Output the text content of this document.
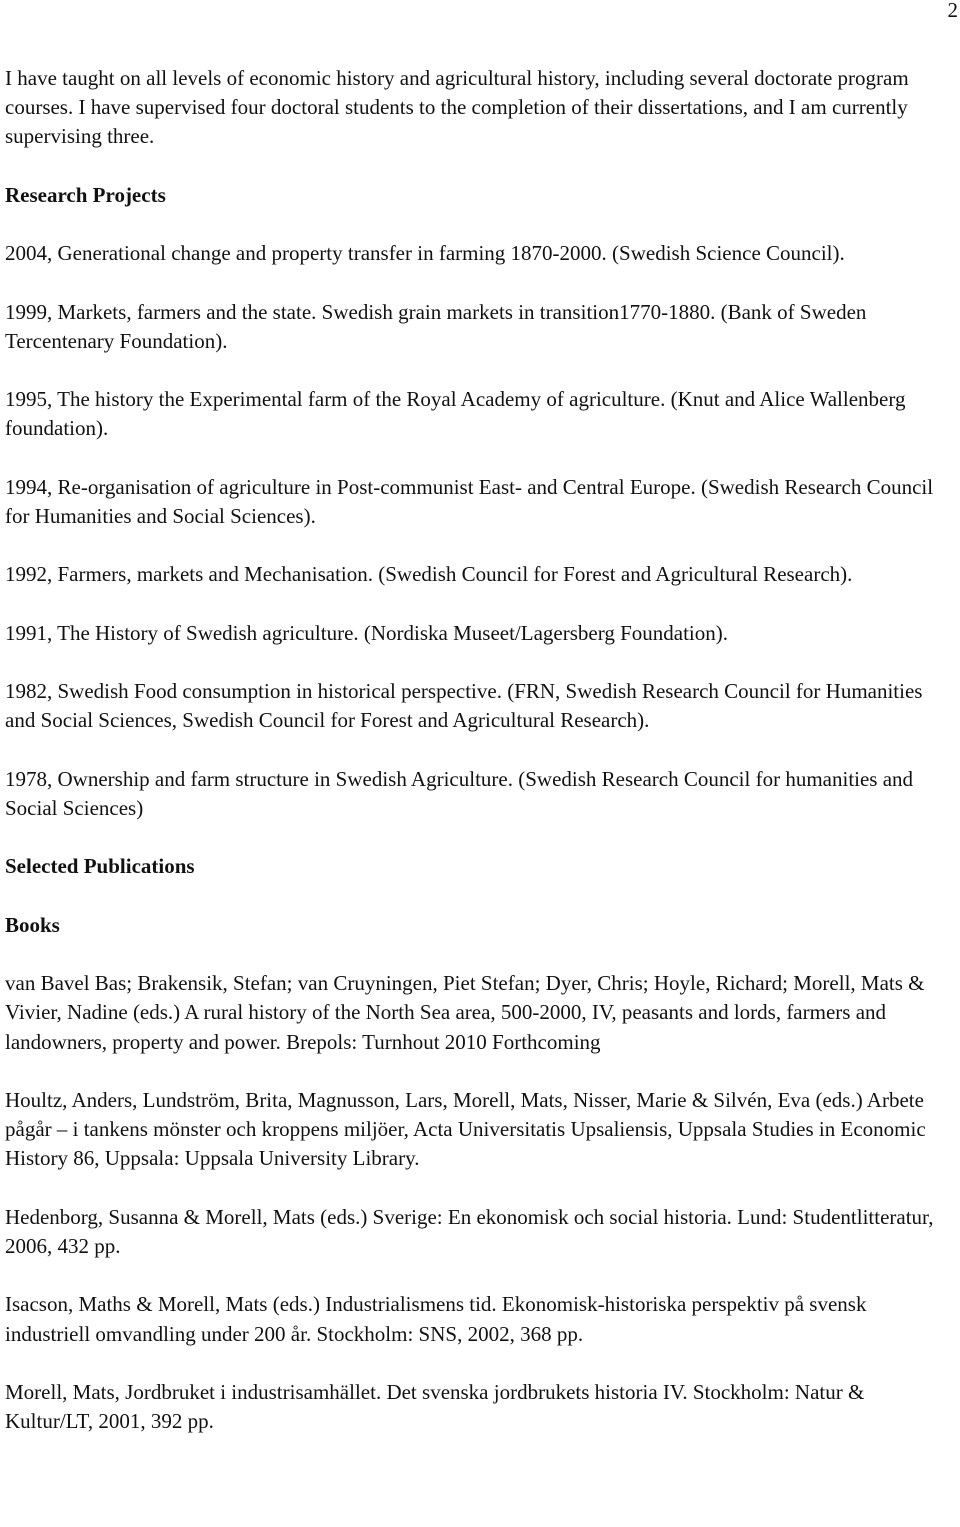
2

I have taught on all levels of economic history and agricultural history, including several doctorate program courses. I have supervised four doctoral students to the completion of their dissertations, and I am currently supervising three.

Research Projects

2004, Generational change and property transfer in farming 1870-2000. (Swedish Science Council).

1999, Markets, farmers and the state. Swedish grain markets in transition1770-1880. (Bank of Sweden Tercentenary Foundation).

1995, The history the Experimental farm of the Royal Academy of agriculture. (Knut and Alice Wallenberg foundation).

1994, Re-organisation of agriculture in Post-communist East- and Central Europe. (Swedish Research Council for Humanities and Social Sciences).

1992, Farmers, markets and Mechanisation. (Swedish Council for Forest and Agricultural Research).

1991, The History of Swedish agriculture. (Nordiska Museet/Lagersberg Foundation).

1982, Swedish Food consumption in historical perspective. (FRN, Swedish Research Council for Humanities and Social Sciences, Swedish Council for Forest and Agricultural Research).

1978, Ownership and farm structure in Swedish Agriculture. (Swedish Research Council for humanities and Social Sciences)

Selected Publications

Books

van Bavel Bas; Brakensik, Stefan; van Cruyningen, Piet Stefan; Dyer, Chris; Hoyle, Richard; Morell, Mats & Vivier, Nadine (eds.) A rural history of the North Sea area, 500-2000, IV, peasants and lords, farmers and landowners, property and power. Brepols: Turnhout 2010 Forthcoming

Houltz, Anders, Lundström, Brita, Magnusson, Lars, Morell, Mats, Nisser, Marie & Silvén, Eva (eds.) Arbete pågår – i tankens mönster och kroppens miljöer, Acta Universitatis Upsaliensis, Uppsala Studies in Economic History 86, Uppsala: Uppsala University Library.

Hedenborg, Susanna & Morell, Mats (eds.) Sverige: En ekonomisk och social historia. Lund: Studentlitteratur, 2006, 432 pp.

Isacson, Maths & Morell, Mats (eds.) Industrialismens tid. Ekonomisk-historiska perspektiv på svensk industriell omvandling under 200 år. Stockholm: SNS, 2002, 368 pp.

Morell, Mats, Jordbruket i industrisamhället. Det svenska jordbrukets historia IV. Stockholm: Natur & Kultur/LT, 2001, 392 pp.
